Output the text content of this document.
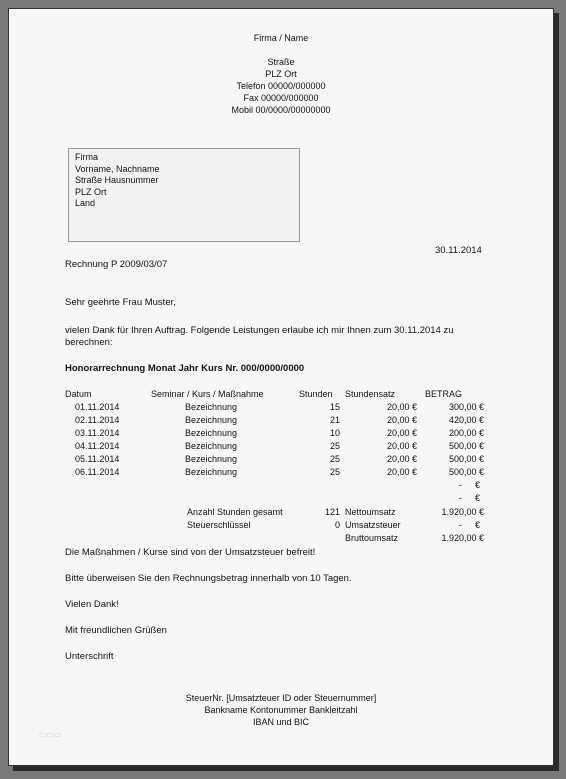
Firma / Name
Straße
PLZ Ort
Telefon 00000/000000
Fax 00000/000000
Mobil 00/0000/00000000
Firma
Vorname, Nachname
Straße Hausnummer
PLZ Ort
Land
30.11.2014
Rechnung P 2009/03/07
Sehr geehrte Frau Muster,
vielen Dank für Ihren Auftrag. Folgende Leistungen erlaube ich mir Ihnen zum 30.11.2014 zu
berechnen:
Honorarrechnung Monat Jahr Kurs Nr. 000/0000/0000
Datum	Seminar / Kurs / Maßnahme	Stunden Stundensatz	BETRAG
01.11.2014	Bezeichnung	15	20,00 €	300,00 €
02.11.2014	Bezeichnung	21	20,00 €	420,00 €
03.11.2014	Bezeichnung	10	20,00 €	200,00 €
04.11.2014	Bezeichnung	25	20,00 €	500,00 €
05.11.2014	Bezeichnung	25	20,00 €	500,00 €
06.11.2014	Bezeichnung	25	20,00 €	500,00 €
- €
- €
Anzahl Stunden gesamt	121 Nettoumsatz	1.920,00 €
Steuerschlüssel	0 Umsatzsteuer	- €
Bruttoumsatz	1.920,00 €
Die Maßnahmen / Kurse sind von der Umsatzsteuer befreit!
Bitte überweisen Sie den Rechnungsbetrag innerhalb von 10 Tagen.
Vielen Dank!
Mit freundlichen Grüßen
Unterschrift
SteuerNr. [Umsatzteuer ID oder Steuernummer]
Bankname Kontonummer Bankleitzahl
IBAN und BIC
▭▭▭
